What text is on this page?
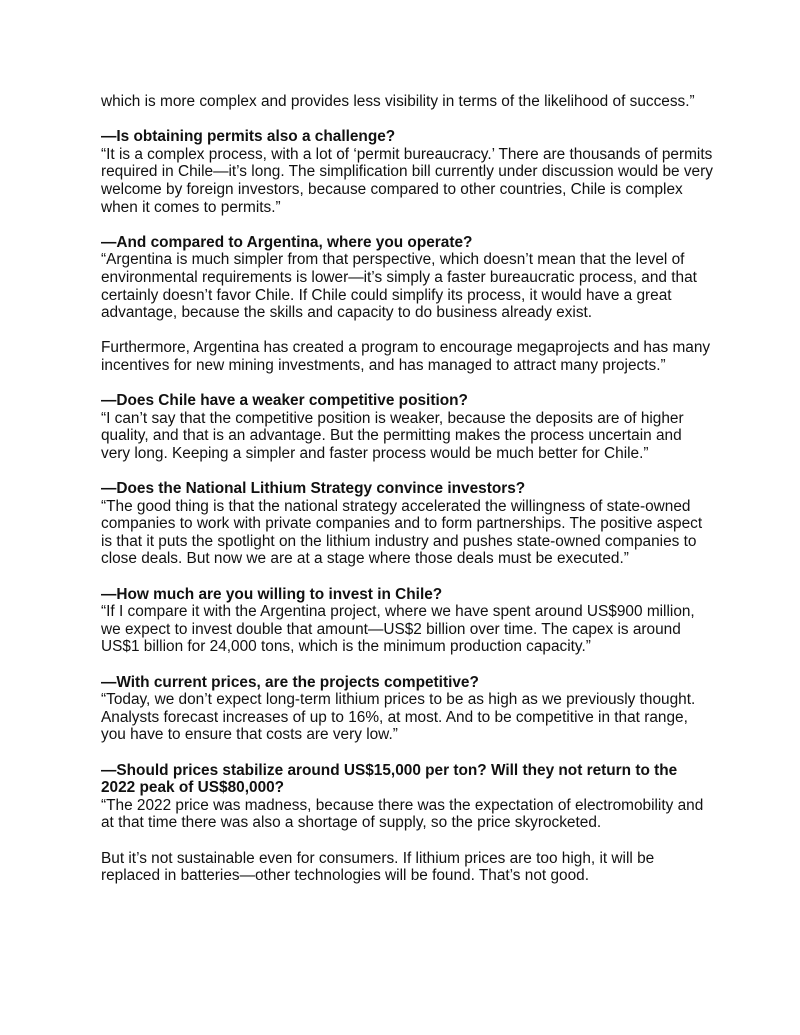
which is more complex and provides less visibility in terms of the likelihood of success.”

—Is obtaining permits also a challenge?

“It is a complex process, with a lot of ‘permit bureaucracy.’ There are thousands of permits required in Chile—it’s long. The simplification bill currently under discussion would be very welcome by foreign investors, because compared to other countries, Chile is complex when it comes to permits.”

—And compared to Argentina, where you operate?

“Argentina is much simpler from that perspective, which doesn’t mean that the level of environmental requirements is lower—it’s simply a faster bureaucratic process, and that certainly doesn’t favor Chile. If Chile could simplify its process, it would have a great advantage, because the skills and capacity to do business already exist.

Furthermore, Argentina has created a program to encourage megaprojects and has many incentives for new mining investments, and has managed to attract many projects.”

—Does Chile have a weaker competitive position?

“I can’t say that the competitive position is weaker, because the deposits are of higher quality, and that is an advantage. But the permitting makes the process uncertain and very long. Keeping a simpler and faster process would be much better for Chile.”

—Does the National Lithium Strategy convince investors?

“The good thing is that the national strategy accelerated the willingness of state-owned companies to work with private companies and to form partnerships. The positive aspect is that it puts the spotlight on the lithium industry and pushes state-owned companies to close deals. But now we are at a stage where those deals must be executed.”

—How much are you willing to invest in Chile?

“If I compare it with the Argentina project, where we have spent around US$900 million, we expect to invest double that amount—US$2 billion over time. The capex is around US$1 billion for 24,000 tons, which is the minimum production capacity.”

—With current prices, are the projects competitive?

“Today, we don’t expect long-term lithium prices to be as high as we previously thought. Analysts forecast increases of up to 16%, at most. And to be competitive in that range, you have to ensure that costs are very low.”

—Should prices stabilize around US$15,000 per ton? Will they not return to the 2022 peak of US$80,000?

“The 2022 price was madness, because there was the expectation of electromobility and at that time there was also a shortage of supply, so the price skyrocketed.

But it’s not sustainable even for consumers. If lithium prices are too high, it will be replaced in batteries—other technologies will be found. That’s not good.
